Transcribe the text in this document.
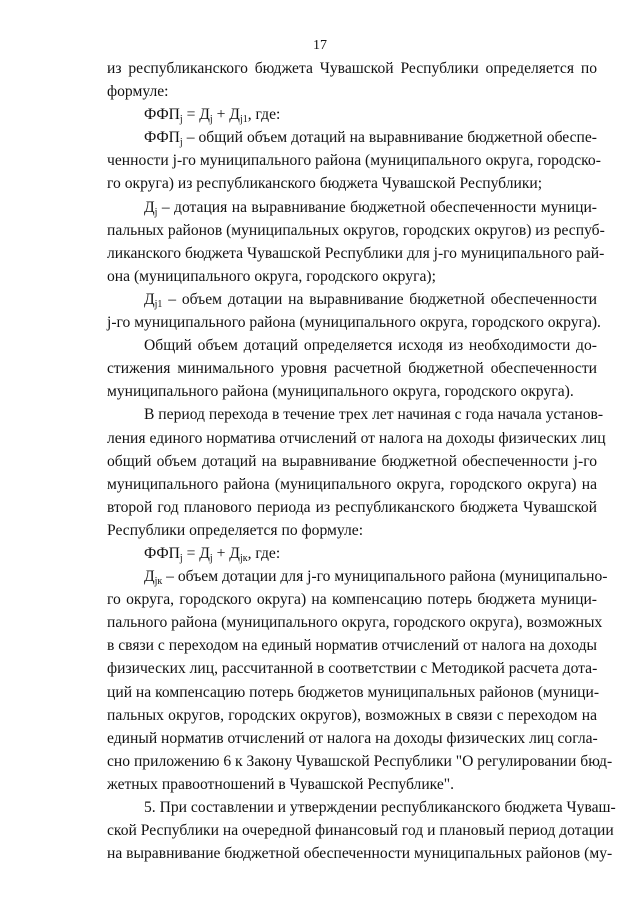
17
из республиканского бюджета Чувашской Республики определяется по
формуле:
$ФФП_j = Д_j + Д_{j1}$, где:
$ФФП_j$ – общий объем дотаций на выравнивание бюджетной обеспе-
ченности j-го муниципального района (муниципального округа, городско-
го округа) из республиканского бюджета Чувашской Республики;
$Д_j$ – дотация на выравнивание бюджетной обеспеченности муници-
пальных районов (муниципальных округов, городских округов) из респуб-
ликанского бюджета Чувашской Республики для j-го муниципального рай-
она (муниципального округа, городского округа);
$Д_{j1}$ – объем дотации на выравнивание бюджетной обеспеченности
j-го муниципального района (муниципального округа, городского округа).
Общий объем дотаций определяется исходя из необходимости до-
стижения минимального уровня расчетной бюджетной обеспеченности
муниципального района (муниципального округа, городского округа).
В период перехода в течение трех лет начиная с года начала установ-
ления единого норматива отчислений от налога на доходы физических лиц
общий объем дотаций на выравнивание бюджетной обеспеченности j-го
муниципального района (муниципального округа, городского округа) на
второй год планового периода из республиканского бюджета Чувашской
Республики определяется по формуле:
$ФФП_j = Д_j + Д_{jк}$, где:
$Д_{jк}$ – объем дотации для j-го муниципального района (муниципально-
го округа, городского округа) на компенсацию потерь бюджета муници-
пального района (муниципального округа, городского округа), возможных
в связи с переходом на единый норматив отчислений от налога на доходы
физических лиц, рассчитанной в соответствии с Методикой расчета дота-
ций на компенсацию потерь бюджетов муниципальных районов (муници-
пальных округов, городских округов), возможных в связи с переходом на
единый норматив отчислений от налога на доходы физических лиц согла-
сно приложению 6 к Закону Чувашской Республики "О регулировании бюд-
жетных правоотношений в Чувашской Республике".
5. При составлении и утверждении республиканского бюджета Чуваш-
ской Республики на очередной финансовый год и плановый период дотации
на выравнивание бюджетной обеспеченности муниципальных районов (му-
